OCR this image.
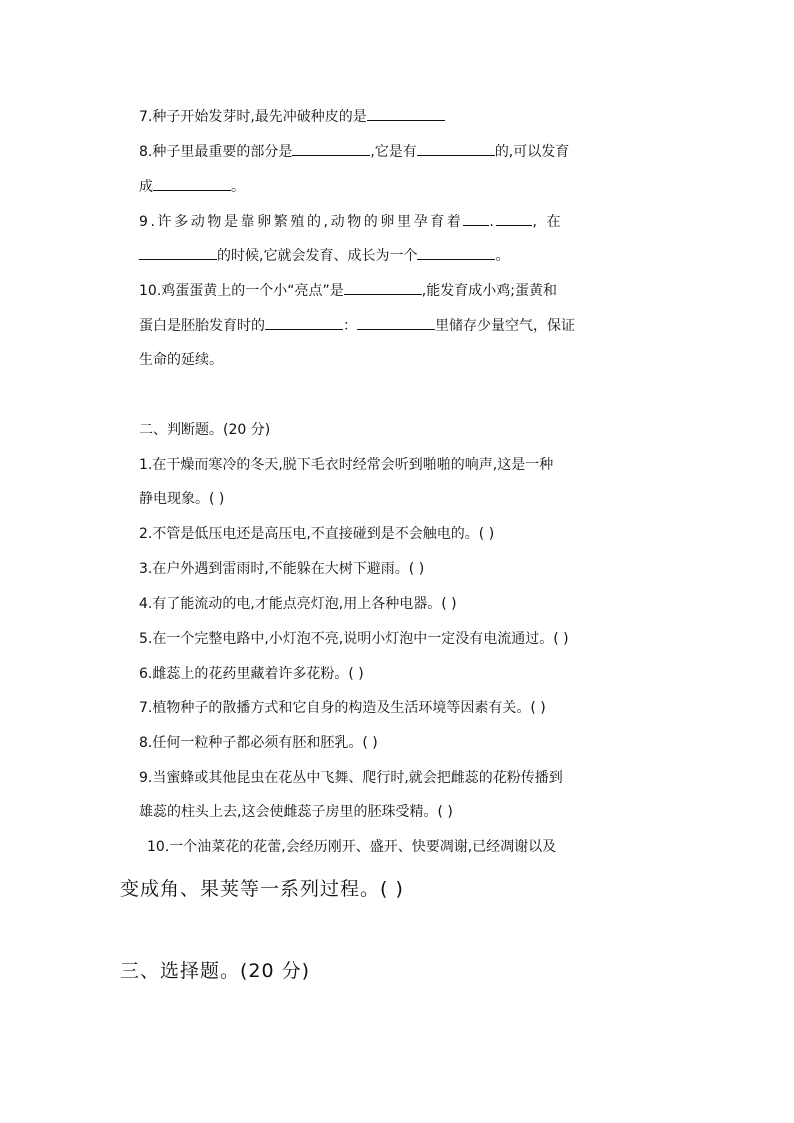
7.种子开始发芽时,最先冲破种皮的是
8.种子里最重要的部分是	,它是有	的,可以发育
成	。
9.许多动物是靠卵繁殖的,动物的卵里孕育着 .	, 在
的时候,它就会发育、成长为一个	。
10.鸡蛋蛋黄上的一个小“亮点”是	,能发育成小鸡;蛋黄和
蛋白是胚胎发育时的	：	里储存少量空气，保证
生命的延续。
二、判断题。(20 分)
1.在干燥而寒冷的冬天,脱下毛衣时经常会听到啪啪的响声,这是一种
静电现象。( )
2.不管是低压电还是高压电,不直接碰到是不会触电的。( )
3.在户外遇到雷雨时,不能躲在大树下避雨。( )
4.有了能流动的电,才能点亮灯泡,用上各种电器。( )
5.在一个完整电路中,小灯泡不亮,说明小灯泡中一定没有电流通过。( )
6.雌蕊上的花药里藏着许多花粉。( )
7.植物种子的散播方式和它自身的构造及生活环境等因素有关。( )
8.任何一粒种子都必须有胚和胚乳。( )
9.当蜜蜂或其他昆虫在花丛中飞舞、爬行时,就会把雌蕊的花粉传播到
雄蕊的柱头上去,这会使雌蕊子房里的胚珠受精。( )
10.一个油菜花的花蕾,会经历刚开、盛开、快要凋谢,已经凋谢以及
变成角、果荚等一系列过程。( )
三、选择题。(20 分)
